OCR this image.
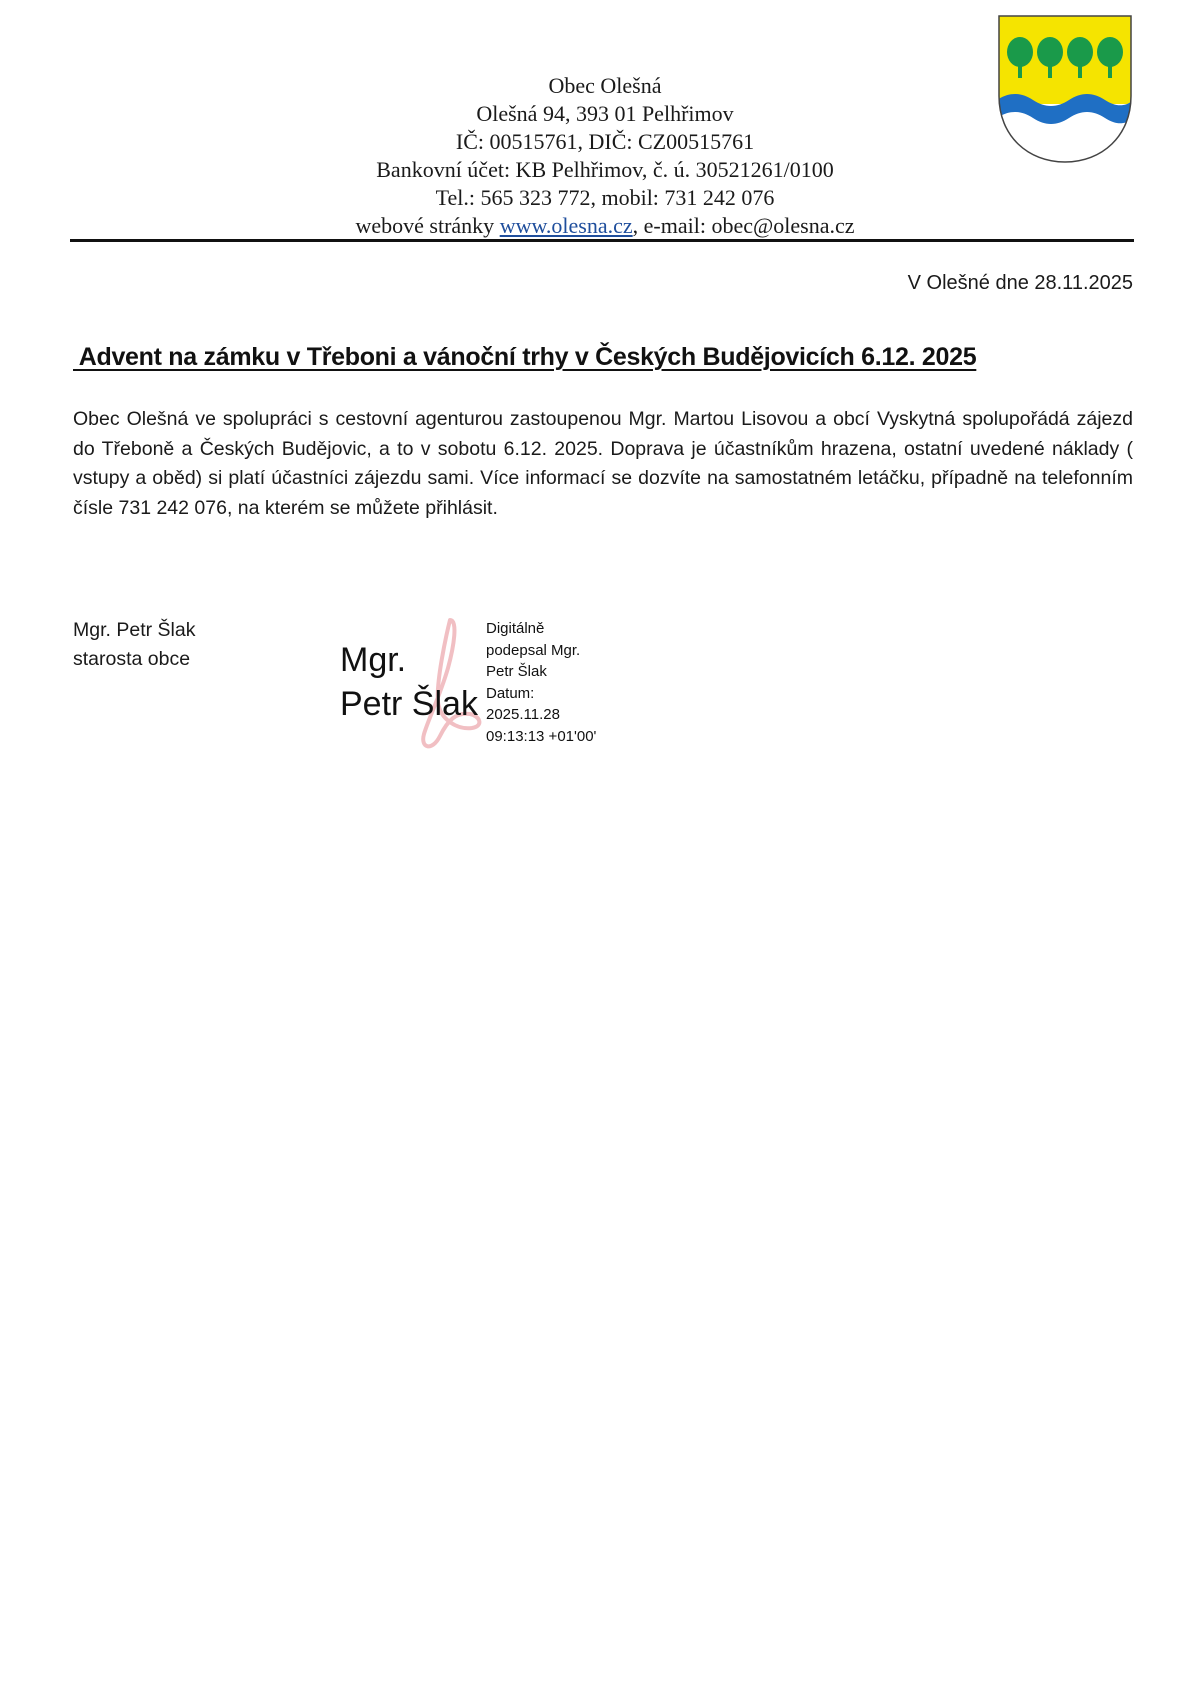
Obec Olešná
Olešná 94, 393 01 Pelhřimov
IČ: 00515761, DIČ: CZ00515761
Bankovní účet: KB Pelhřimov, č. ú. 30521261/0100
Tel.: 565 323 772, mobil: 731 242 076
webové stránky www.olesna.cz, e-mail: obec@olesna.cz
V Olešné dne 28.11.2025
Advent na zámku v Třeboni a vánoční trhy v Českých Budějovicích 6.12. 2025
Obec Olešná ve spolupráci s cestovní agenturou zastoupenou Mgr. Martou Lisovou a obcí Vyskytná spolupořádá zájezd do Třeboně a Českých Budějovic, a to v sobotu 6.12. 2025. Doprava je účastníkům hrazena, ostatní uvedené náklady ( vstupy a oběd) si platí účastníci zájezdu sami. Více informací se dozvíte na samostatném letáčku, případně na telefonním čísle 731 242 076, na kterém se můžete přihlásit.
Mgr. Petr Šlak
starosta obce	Mgr.
Petr Šlak
Digitálně
podepsal Mgr.
Petr Šlak
Datum:
2025.11.28
09:13:13 +01'00'
